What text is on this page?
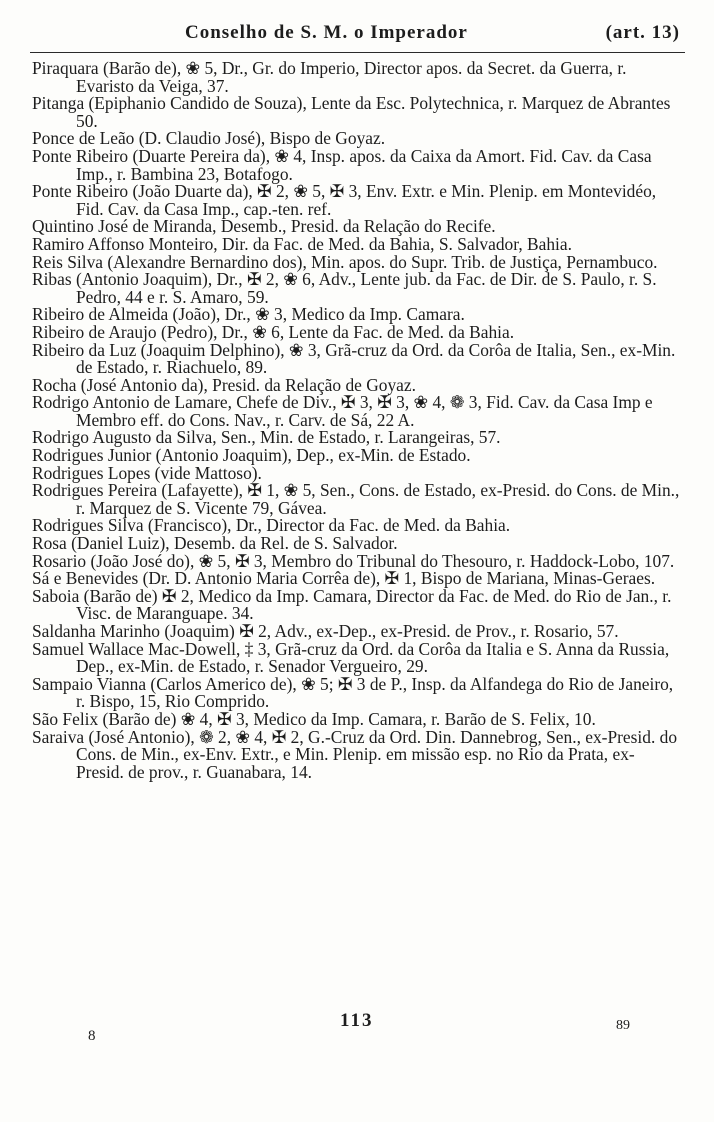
Conselho de S. M. o Imperador	(art. 13)

Piraquara (Barão de), ❀ 5, Dr., Gr. do Imperio, Director apos. da Secret. da Guerra, r. Evaristo da Veiga, 37.

Pitanga (Epiphanio Candido de Souza), Lente da Esc. Polytechnica, r. Marquez de Abrantes 50.

Ponce de Leão (D. Claudio José), Bispo de Goyaz.

Ponte Ribeiro (Duarte Pereira da), ❀ 4, Insp. apos. da Caixa da Amort. Fid. Cav. da Casa Imp., r. Bambina 23, Botafogo.

Ponte Ribeiro (João Duarte da), ✠ 2, ❀ 5, ✠ 3, Env. Extr. e Min. Plenip. em Montevidéo, Fid. Cav. da Casa Imp., cap.-ten. ref.

Quintino José de Miranda, Desemb., Presid. da Relação do Recife.

Ramiro Affonso Monteiro, Dir. da Fac. de Med. da Bahia, S. Salvador, Bahia.

Reis Silva (Alexandre Bernardino dos), Min. apos. do Supr. Trib. de Justiça, Pernambuco.

Ribas (Antonio Joaquim), Dr., ✠ 2, ❀ 6, Adv., Lente jub. da Fac. de Dir. de S. Paulo, r. S. Pedro, 44 e r. S. Amaro, 59.

Ribeiro de Almeida (João), Dr., ❀ 3, Medico da Imp. Camara.

Ribeiro de Araujo (Pedro), Dr., ❀ 6, Lente da Fac. de Med. da Bahia.

Ribeiro da Luz (Joaquim Delphino), ❀ 3, Grã-cruz da Ord. da Corôa de Italia, Sen., ex-Min. de Estado, r. Riachuelo, 89.

Rocha (José Antonio da), Presid. da Relação de Goyaz.

Rodrigo Antonio de Lamare, Chefe de Div., ✠ 3, ✠ 3, ❀ 4, ❁ 3, Fid. Cav. da Casa Imp e Membro eff. do Cons. Nav., r. Carv. de Sá, 22 A.

Rodrigo Augusto da Silva, Sen., Min. de Estado, r. Larangeiras, 57.

Rodrigues Junior (Antonio Joaquim), Dep., ex-Min. de Estado.

Rodrigues Lopes (vide Mattoso).

Rodrigues Pereira (Lafayette), ✠ 1, ❀ 5, Sen., Cons. de Estado, ex-Presid. do Cons. de Min., r. Marquez de S. Vicente 79, Gávea.

Rodrigues Silva (Francisco), Dr., Director da Fac. de Med. da Bahia.

Rosa (Daniel Luiz), Desemb. da Rel. de S. Salvador.

Rosario (João José do), ❀ 5, ✠ 3, Membro do Tribunal do Thesouro, r. Haddock-Lobo, 107.

Sá e Benevides (Dr. D. Antonio Maria Corrêa de), ✠ 1, Bispo de Mariana, Minas-Geraes.

Saboia (Barão de) ✠ 2, Medico da Imp. Camara, Director da Fac. de Med. do Rio de Jan., r. Visc. de Maranguape. 34.

Saldanha Marinho (Joaquim) ✠ 2, Adv., ex-Dep., ex-Presid. de Prov., r. Rosario, 57.

Samuel Wallace Mac-Dowell, ‡ 3, Grã-cruz da Ord. da Corôa da Italia e S. Anna da Russia, Dep., ex-Min. de Estado, r. Senador Vergueiro, 29.

Sampaio Vianna (Carlos Americo de), ❀ 5; ✠ 3 de P., Insp. da Alfandega do Rio de Janeiro, r. Bispo, 15, Rio Comprido.

São Felix (Barão de) ❀ 4, ✠ 3, Medico da Imp. Camara, r. Barão de S. Felix, 10.

Saraiva (José Antonio), ❁ 2, ❀ 4, ✠ 2, G.-Cruz da Ord. Din. Dannebrog, Sen., ex-Presid. do Cons. de Min., ex-Env. Extr., e Min. Plenip. em missão esp. no Rio da Prata, ex-Presid. de prov., r. Guanabara, 14.

8
113	89
